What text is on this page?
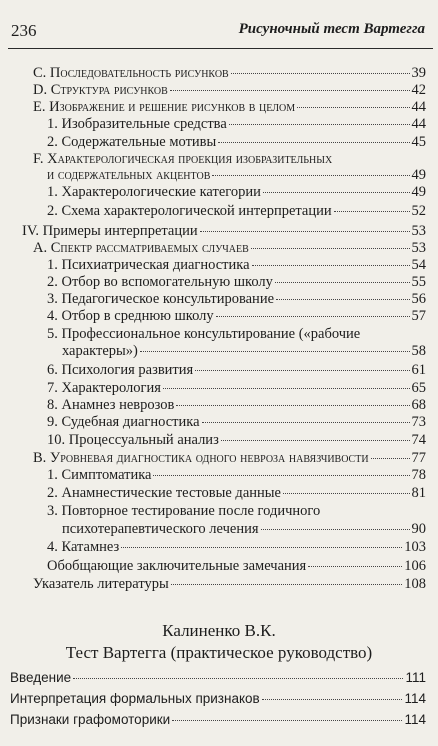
236	Рисуночный тест Вартегга
C. Последовательность рисунков	39
D. Структура рисунков	42
E. Изображение и решение рисунков в целом	44
1. Изобразительные средства	44
2. Содержательные мотивы	45
F. Характерологическая проекция изобразительных
и содержательных акцентов	49
1. Характерологические категории	49
2. Схема характерологической интерпретации	52
IV. Примеры интерпретации	53
A. Спектр рассматриваемых случаев	53
1. Психиатрическая диагностика	54
2. Отбор во вспомогательную школу	55
3. Педагогическое консультирование	56
4. Отбор в среднюю школу	57
5. Профессиональное консультирование («рабочие
характеры»)	58
6. Психология развития	61
7. Характерология	65
8. Анамнез неврозов	68
9. Судебная диагностика	73
10. Процессуальный анализ	74
B. Уровневая диагностика одного невроза навязчивости	77
1. Симптоматика	78
2. Анамнестические тестовые данные	81
3. Повторное тестирование после годичного
психотерапевтического лечения	90
4. Катамнез	103
Обобщающие заключительные замечания	106
Указатель литературы	108
Калиненко В.К.
Тест Вартегга (практическое руководство)
Введение	111
Интерпретация формальных признаков	114
Признаки графомоторики	114
